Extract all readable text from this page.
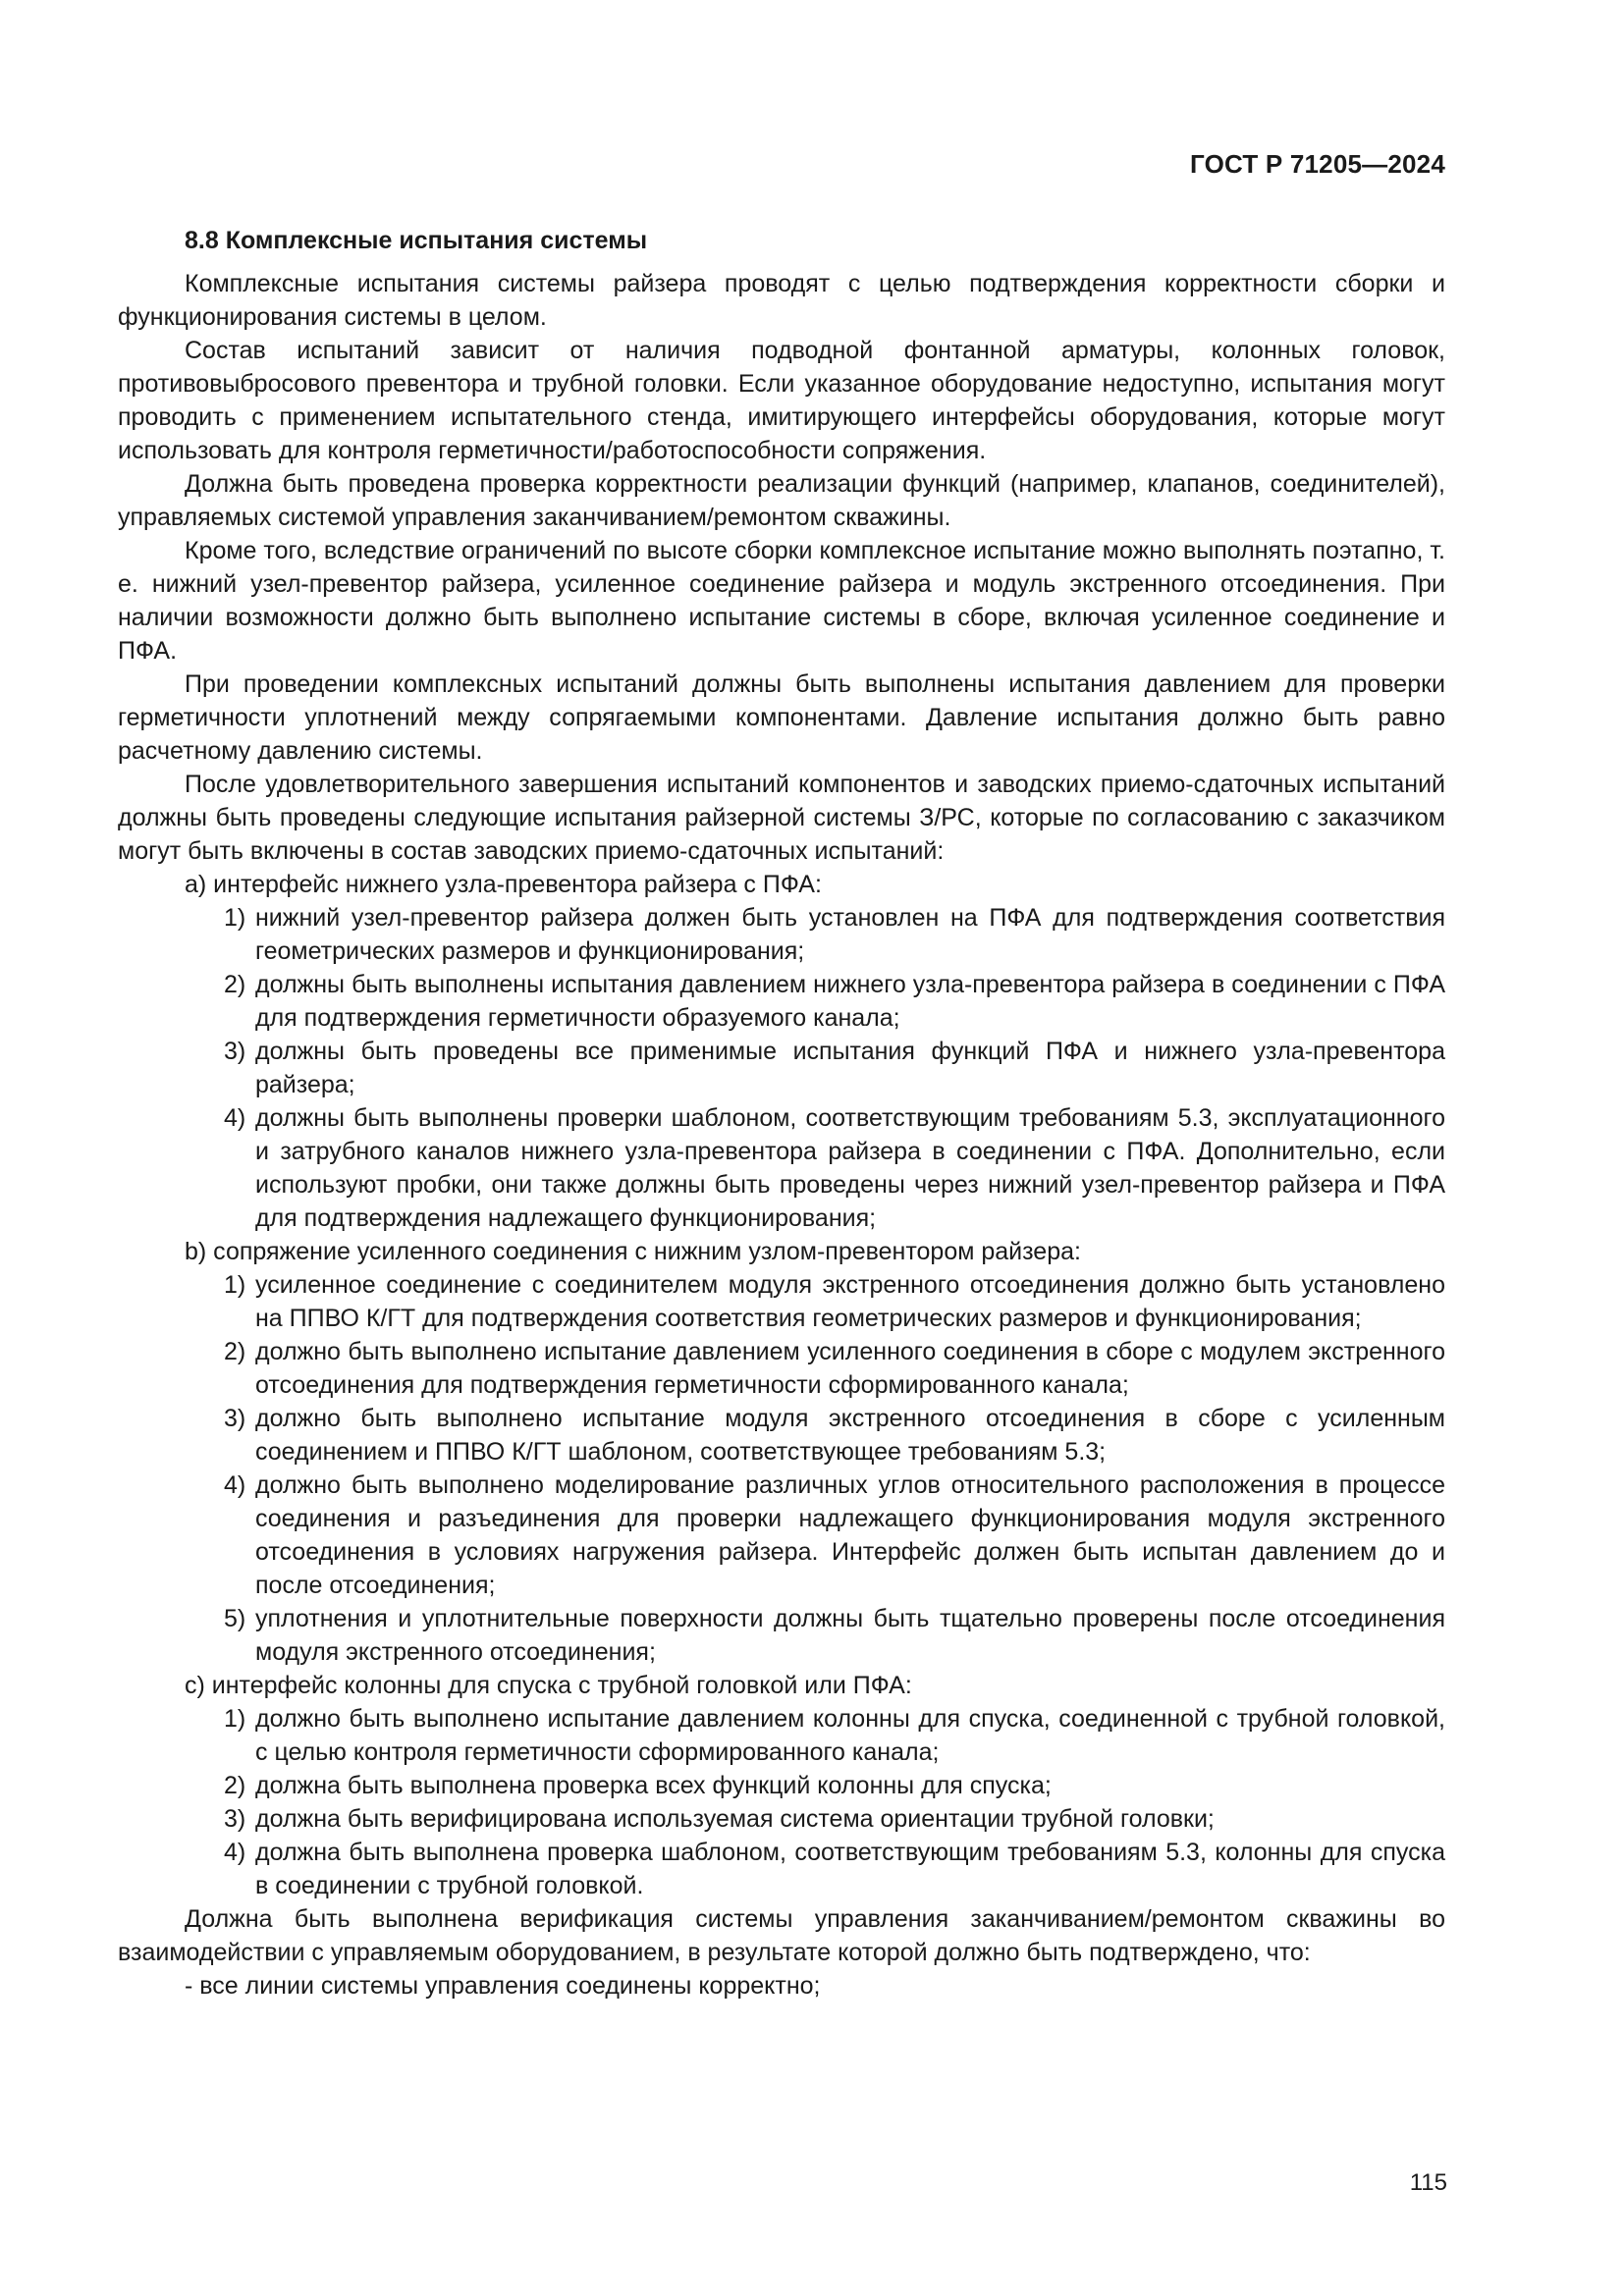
ГОСТ Р 71205—2024

8.8 Комплексные испытания системы

Комплексные испытания системы райзера проводят с целью подтверждения корректности сборки и функционирования системы в целом.

Состав испытаний зависит от наличия подводной фонтанной арматуры, колонных головок, противовыбросового превентора и трубной головки. Если указанное оборудование недоступно, испытания могут проводить с применением испытательного стенда, имитирующего интерфейсы оборудования, которые могут использовать для контроля герметичности/работоспособности сопряжения.

Должна быть проведена проверка корректности реализации функций (например, клапанов, соединителей), управляемых системой управления заканчиванием/ремонтом скважины.

Кроме того, вследствие ограничений по высоте сборки комплексное испытание можно выполнять поэтапно, т. е. нижний узел-превентор райзера, усиленное соединение райзера и модуль экстренного отсоединения. При наличии возможности должно быть выполнено испытание системы в сборе, включая усиленное соединение и ПФА.

При проведении комплексных испытаний должны быть выполнены испытания давлением для проверки герметичности уплотнений между сопрягаемыми компонентами. Давление испытания должно быть равно расчетному давлению системы.

После удовлетворительного завершения испытаний компонентов и заводских приемо-сдаточных испытаний должны быть проведены следующие испытания райзерной системы З/РС, которые по согласованию с заказчиком могут быть включены в состав заводских приемо-сдаточных испытаний:

a) интерфейс нижнего узла-превентора райзера с ПФА:

1) нижний узел-превентор райзера должен быть установлен на ПФА для подтверждения соответствия геометрических размеров и функционирования;

2) должны быть выполнены испытания давлением нижнего узла-превентора райзера в соединении с ПФА для подтверждения герметичности образуемого канала;

3) должны быть проведены все применимые испытания функций ПФА и нижнего узла-превентора райзера;

4) должны быть выполнены проверки шаблоном, соответствующим требованиям 5.3, эксплуатационного и затрубного каналов нижнего узла-превентора райзера в соединении с ПФА. Дополнительно, если используют пробки, они также должны быть проведены через нижний узел-превентор райзера и ПФА для подтверждения надлежащего функционирования;

b) сопряжение усиленного соединения с нижним узлом-превентором райзера:

1) усиленное соединение с соединителем модуля экстренного отсоединения должно быть установлено на ППВО К/ГТ для подтверждения соответствия геометрических размеров и функционирования;

2) должно быть выполнено испытание давлением усиленного соединения в сборе с модулем экстренного отсоединения для подтверждения герметичности сформированного канала;

3) должно быть выполнено испытание модуля экстренного отсоединения в сборе с усиленным соединением и ППВО К/ГТ шаблоном, соответствующее требованиям 5.3;

4) должно быть выполнено моделирование различных углов относительного расположения в процессе соединения и разъединения для проверки надлежащего функционирования модуля экстренного отсоединения в условиях нагружения райзера. Интерфейс должен быть испытан давлением до и после отсоединения;

5) уплотнения и уплотнительные поверхности должны быть тщательно проверены после отсоединения модуля экстренного отсоединения;

c) интерфейс колонны для спуска с трубной головкой или ПФА:

1) должно быть выполнено испытание давлением колонны для спуска, соединенной с трубной головкой, с целью контроля герметичности сформированного канала;

2) должна быть выполнена проверка всех функций колонны для спуска;

3) должна быть верифицирована используемая система ориентации трубной головки;

4) должна быть выполнена проверка шаблоном, соответствующим требованиям 5.3, колонны для спуска в соединении с трубной головкой.

Должна быть выполнена верификация системы управления заканчиванием/ремонтом скважины во взаимодействии с управляемым оборудованием, в результате которой должно быть подтверждено, что:

- все линии системы управления соединены корректно;

115
